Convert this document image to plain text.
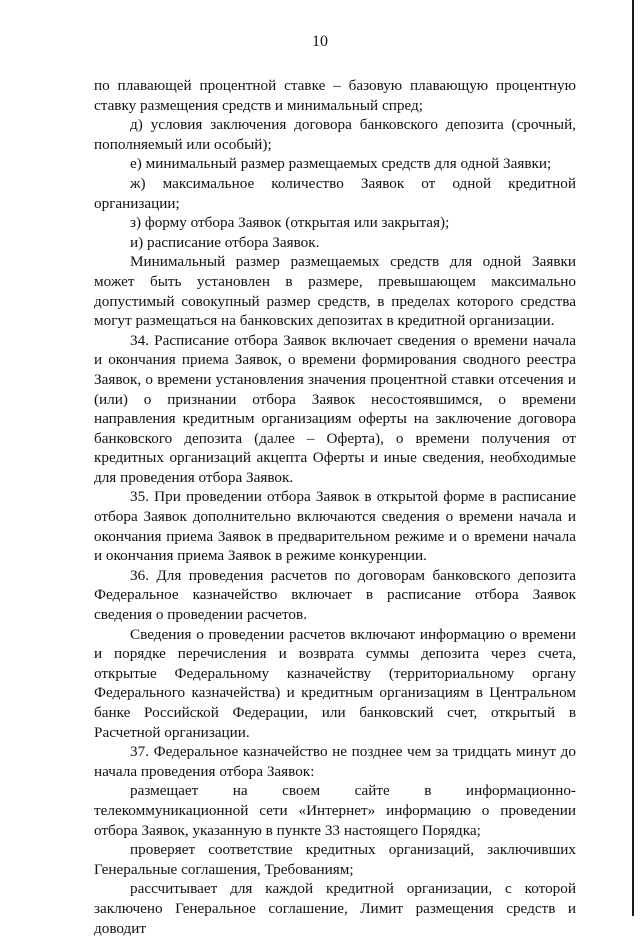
10

по плавающей процентной ставке – базовую плавающую процентную ставку размещения средств и минимальный спред;

д) условия заключения договора банковского депозита (срочный, пополняемый или особый);

е) минимальный размер размещаемых средств для одной Заявки;

ж) максимальное количество Заявок от одной кредитной организации;

з) форму отбора Заявок (открытая или закрытая);

и) расписание отбора Заявок.

Минимальный размер размещаемых средств для одной Заявки может быть установлен в размере, превышающем максимально допустимый совокупный размер средств, в пределах которого средства могут размещаться на банковских депозитах в кредитной организации.

34. Расписание отбора Заявок включает сведения о времени начала и окончания приема Заявок, о времени формирования сводного реестра Заявок, о времени установления значения процентной ставки отсечения и (или) о признании отбора Заявок несостоявшимся, о времени направления кредитным организациям оферты на заключение договора банковского депозита (далее – Оферта), о времени получения от кредитных организаций акцепта Оферты и иные сведения, необходимые для проведения отбора Заявок.

35. При проведении отбора Заявок в открытой форме в расписание отбора Заявок дополнительно включаются сведения о времени начала и окончания приема Заявок в предварительном режиме и о времени начала и окончания приема Заявок в режиме конкуренции.

36. Для проведения расчетов по договорам банковского депозита Федеральное казначейство включает в расписание отбора Заявок сведения о проведении расчетов.

Сведения о проведении расчетов включают информацию о времени и порядке перечисления и возврата суммы депозита через счета, открытые Федеральному казначейству (территориальному органу Федерального казначейства) и кредитным организациям в Центральном банке Российской Федерации, или банковский счет, открытый в Расчетной организации.

37. Федеральное казначейство не позднее чем за тридцать минут до начала проведения отбора Заявок:

размещает на своем сайте в информационно-телекоммуникационной сети «Интернет» информацию о проведении отбора Заявок, указанную в пункте 33 настоящего Порядка;

проверяет соответствие кредитных организаций, заключивших Генеральные соглашения, Требованиям;

рассчитывает для каждой кредитной организации, с которой заключено Генеральное соглашение, Лимит размещения средств и доводит
